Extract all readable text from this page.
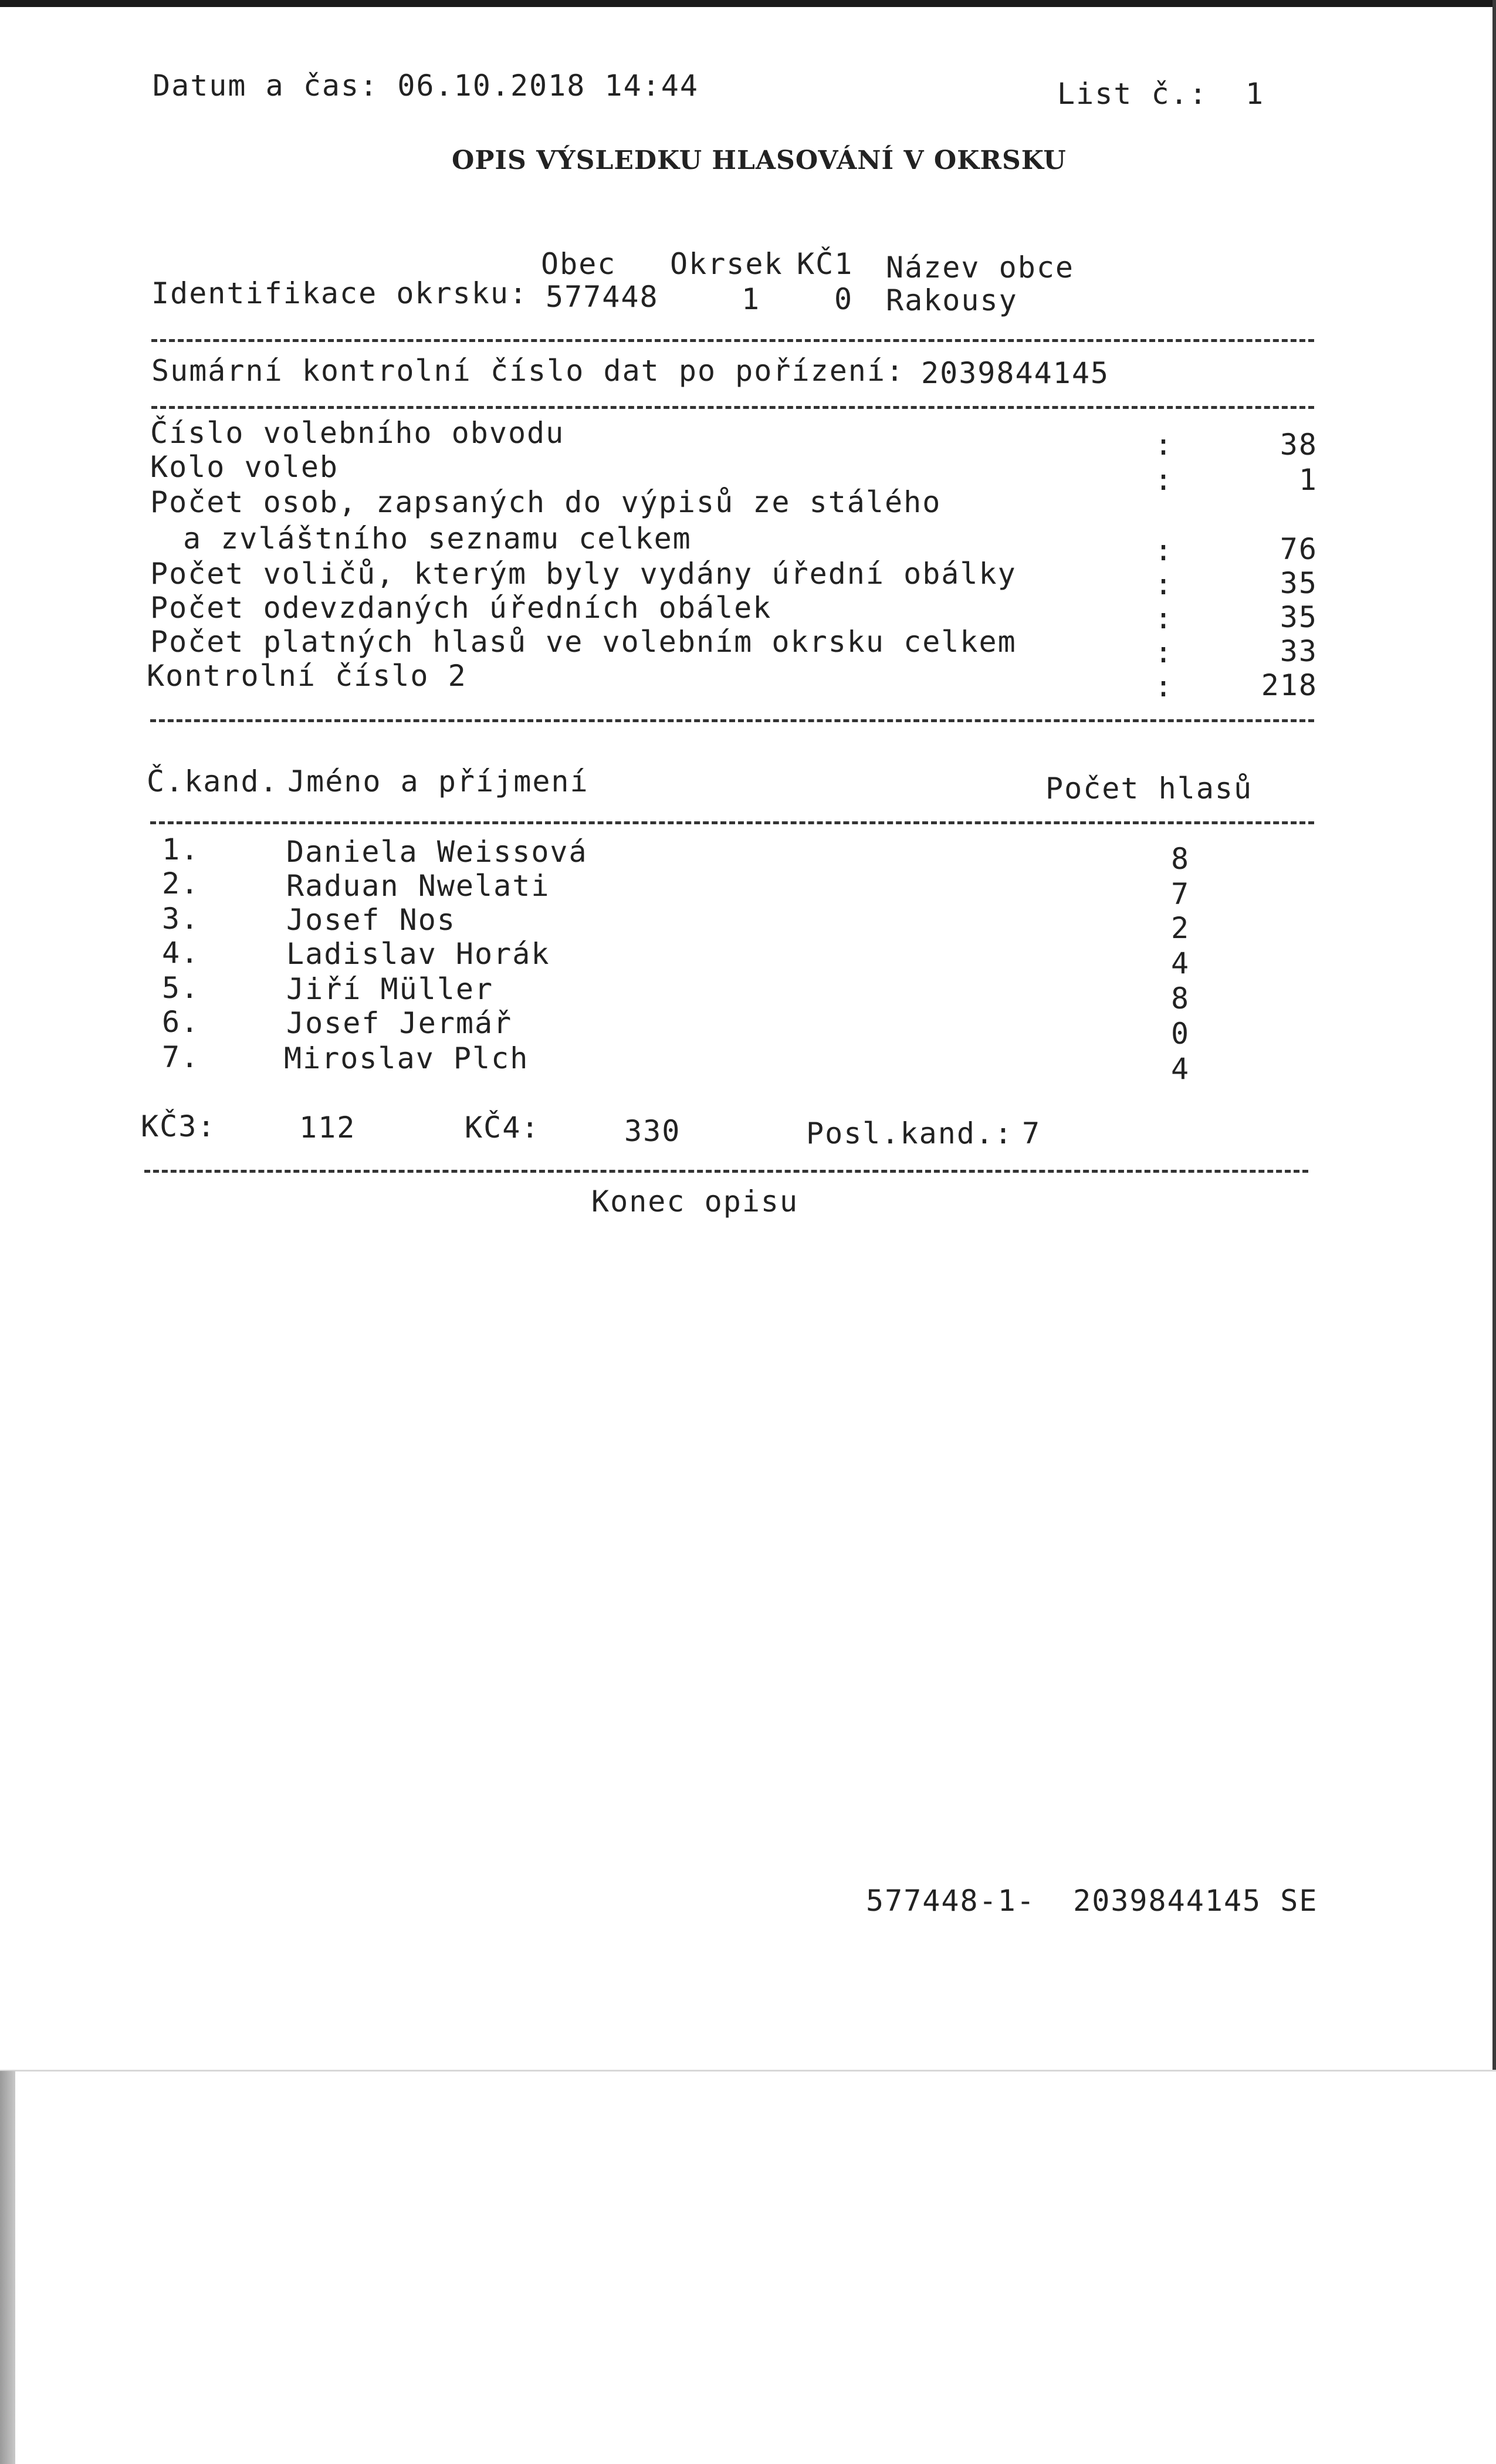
Datum a čas: 06.10.2018 14:44	List č.:  1
OPIS VÝSLEDKU HLASOVÁNÍ V OKRSKU
Obec Okrsek KČ1 Název obce
Identifikace okrsku: 577448	1	0 Rakousy
Sumární kontrolní číslo dat po pořízení: 2039844145
Číslo volebního obvodu	:	38
Kolo voleb	:	1
Počet osob, zapsaných do výpisů ze stálého
a zvláštního seznamu celkem	:	76
Počet voličů, kterým byly vydány úřední obálky	:	35
Počet odevzdaných úředních obálek	:	35
Počet platných hlasů ve volebním okrsku celkem	:	33
Kontrolní číslo 2	:	218
Č.kand. Jméno a příjmení	Počet hlasů
1.	Daniela Weissová	8
2.	Raduan Nwelati	7
3.	Josef Nos	2
4.	Ladislav Horák	4
5.	Jiří Müller	8
6.	Josef Jermář	0
7.	Miroslav Plch	4
KČ3:	112	KČ4:	330	Posl.kand.: 7
Konec opisu
577448-1-  2039844145 SE
